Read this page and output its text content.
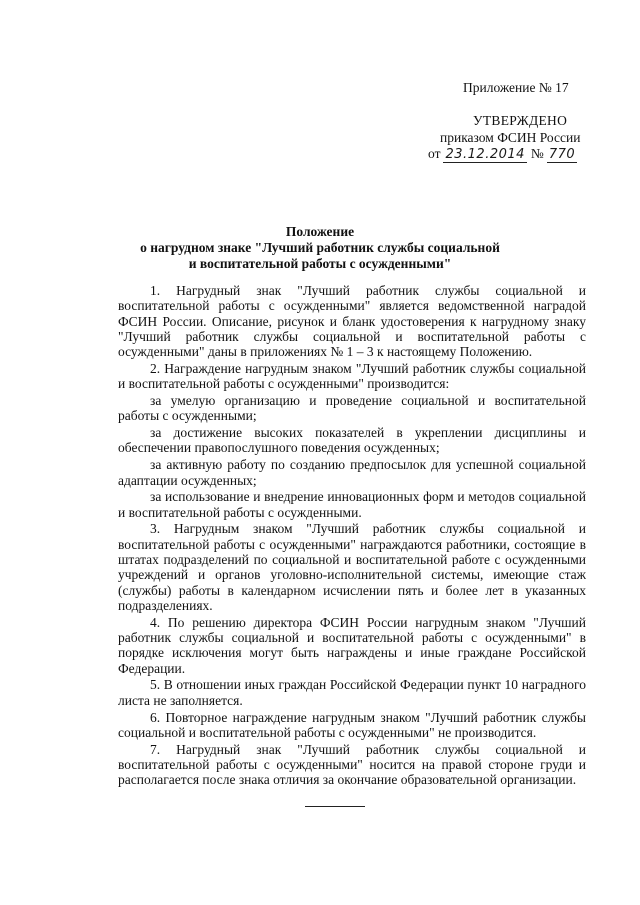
Приложение № 17
УТВЕРЖДЕНО
приказом ФСИН России
от 23.12.2014 № 770
Положение
о нагрудном знаке "Лучший работник службы социальной
и воспитательной работы с осужденными"

1. Нагрудный знак "Лучший работник службы социальной и воспитательной работы с осужденными" является ведомственной наградой ФСИН России. Описание, рисунок и бланк удостоверения к нагрудному знаку "Лучший работник службы социальной и воспитательной работы с осужденными" даны в приложениях № 1 – 3 к настоящему Положению.

2. Награждение нагрудным знаком "Лучший работник службы социальной и воспитательной работы с осужденными" производится:

за умелую организацию и проведение социальной и воспитательной работы с осужденными;

за достижение высоких показателей в укреплении дисциплины и обеспечении правопослушного поведения осужденных;

за активную работу по созданию предпосылок для успешной социальной адаптации осужденных;

за использование и внедрение инновационных форм и методов социальной и воспитательной работы с осужденными.

3. Нагрудным знаком "Лучший работник службы социальной и воспитательной работы с осужденными" награждаются работники, состоящие в штатах подразделений по социальной и воспитательной работе с осужденными учреждений и органов уголовно-исполнительной системы, имеющие стаж (службы) работы в календарном исчислении пять и более лет в указанных подразделениях.

4. По решению директора ФСИН России нагрудным знаком "Лучший работник службы социальной и воспитательной работы с осужденными" в порядке исключения могут быть награждены и иные граждане Российской Федерации.

5. В отношении иных граждан Российской Федерации пункт 10 наградного листа не заполняется.

6. Повторное награждение нагрудным знаком "Лучший работник службы социальной и воспитательной работы с осужденными" не производится.

7. Нагрудный знак "Лучший работник службы социальной и воспитательной работы с осужденными" носится на правой стороне груди и располагается после знака отличия за окончание образовательной организации.
